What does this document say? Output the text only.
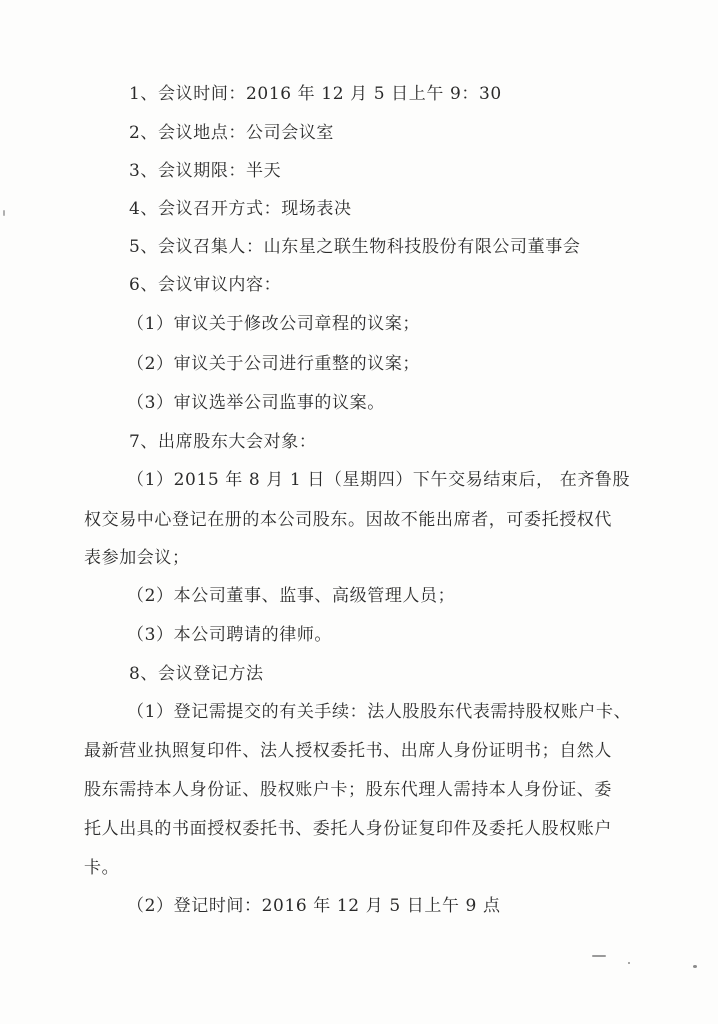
1、会议时间：2016 年 12 月 5 日上午 9：30
2、会议地点：公司会议室
3、会议期限：半天
4、会议召开方式：现场表决
5、会议召集人：山东星之联生物科技股份有限公司董事会
6、会议审议内容：
（1）审议关于修改公司章程的议案；
（2）审议关于公司进行重整的议案；
（3）审议选举公司监事的议案。
7、出席股东大会对象：
（1）2015 年 8 月 1 日（星期四）下午交易结束后， 在齐鲁股
权交易中心登记在册的本公司股东。因故不能出席者，可委托授权代
表参加会议；
（2）本公司董事、监事、高级管理人员；
（3）本公司聘请的律师。
8、会议登记方法
（1）登记需提交的有关手续：法人股股东代表需持股权账户卡、
最新营业执照复印件、法人授权委托书、出席人身份证明书；自然人
股东需持本人身份证、股权账户卡；股东代理人需持本人身份证、委
托人出具的书面授权委托书、委托人身份证复印件及委托人股权账户
卡。
（2）登记时间：2016 年 12 月 5 日上午 9 点
